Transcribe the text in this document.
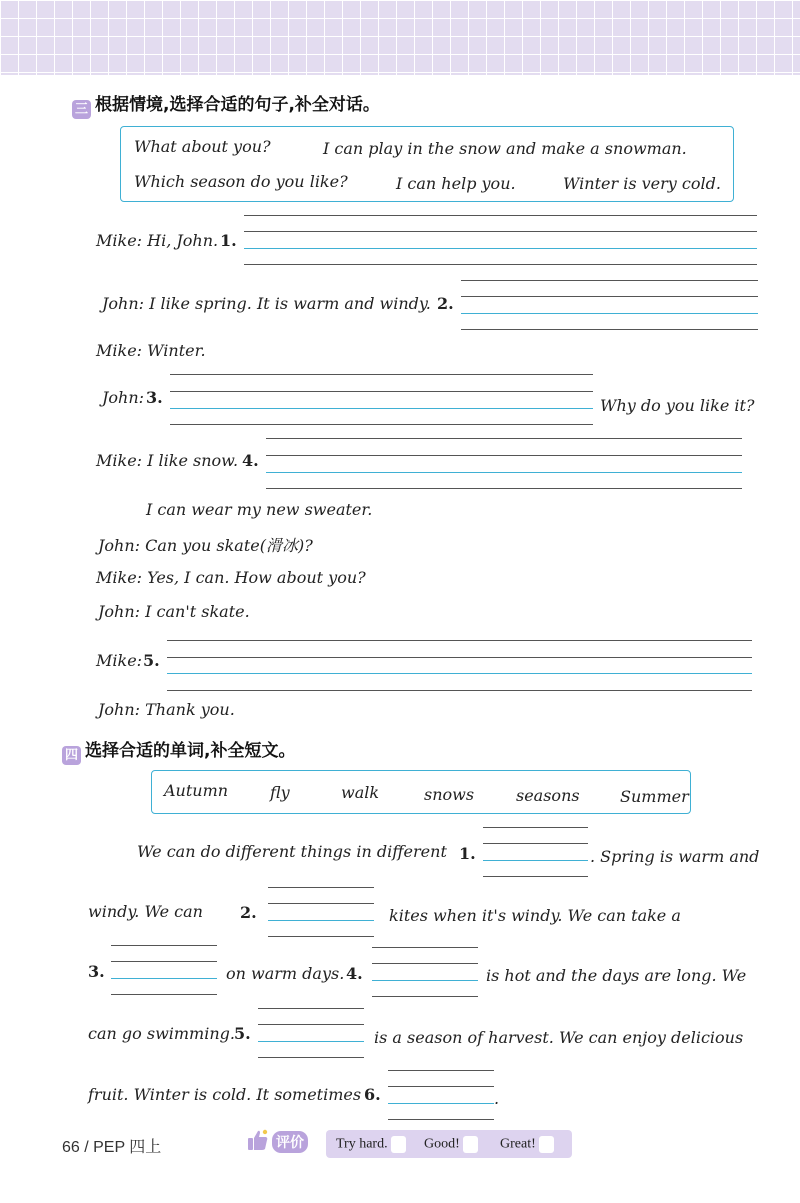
三 根据情境,选择合适的句子,补全对话。
What about you?	I can play in the snow and make a snowman.
Which season do you like?	I can help you.	Winter is very cold.
Mike: Hi, John. 1.
John: I like spring. It is warm and windy. 2.
Mike: Winter.
John: 3.	Why do you like it?
Mike: I like snow. 4.
I can wear my new sweater.
John: Can you skate(滑冰)?
Mike: Yes, I can. How about you?
John: I can't skate.
Mike: 5.
John: Thank you.
四 选择合适的单词,补全短文。
Autumn	fly	walk	snows	seasons	Summer
We can do different things in different 1.	. Spring is warm and
windy. We can 2.	kites when it's windy. We can take a
3.	on warm days. 4.	is hot and the days are long. We
can go swimming. 5.	is a season of harvest. We can enjoy delicious
fruit. Winter is cold. It sometimes 6.	.
66 / PEP 四上	评价 Try hard.	Good!	Great!
